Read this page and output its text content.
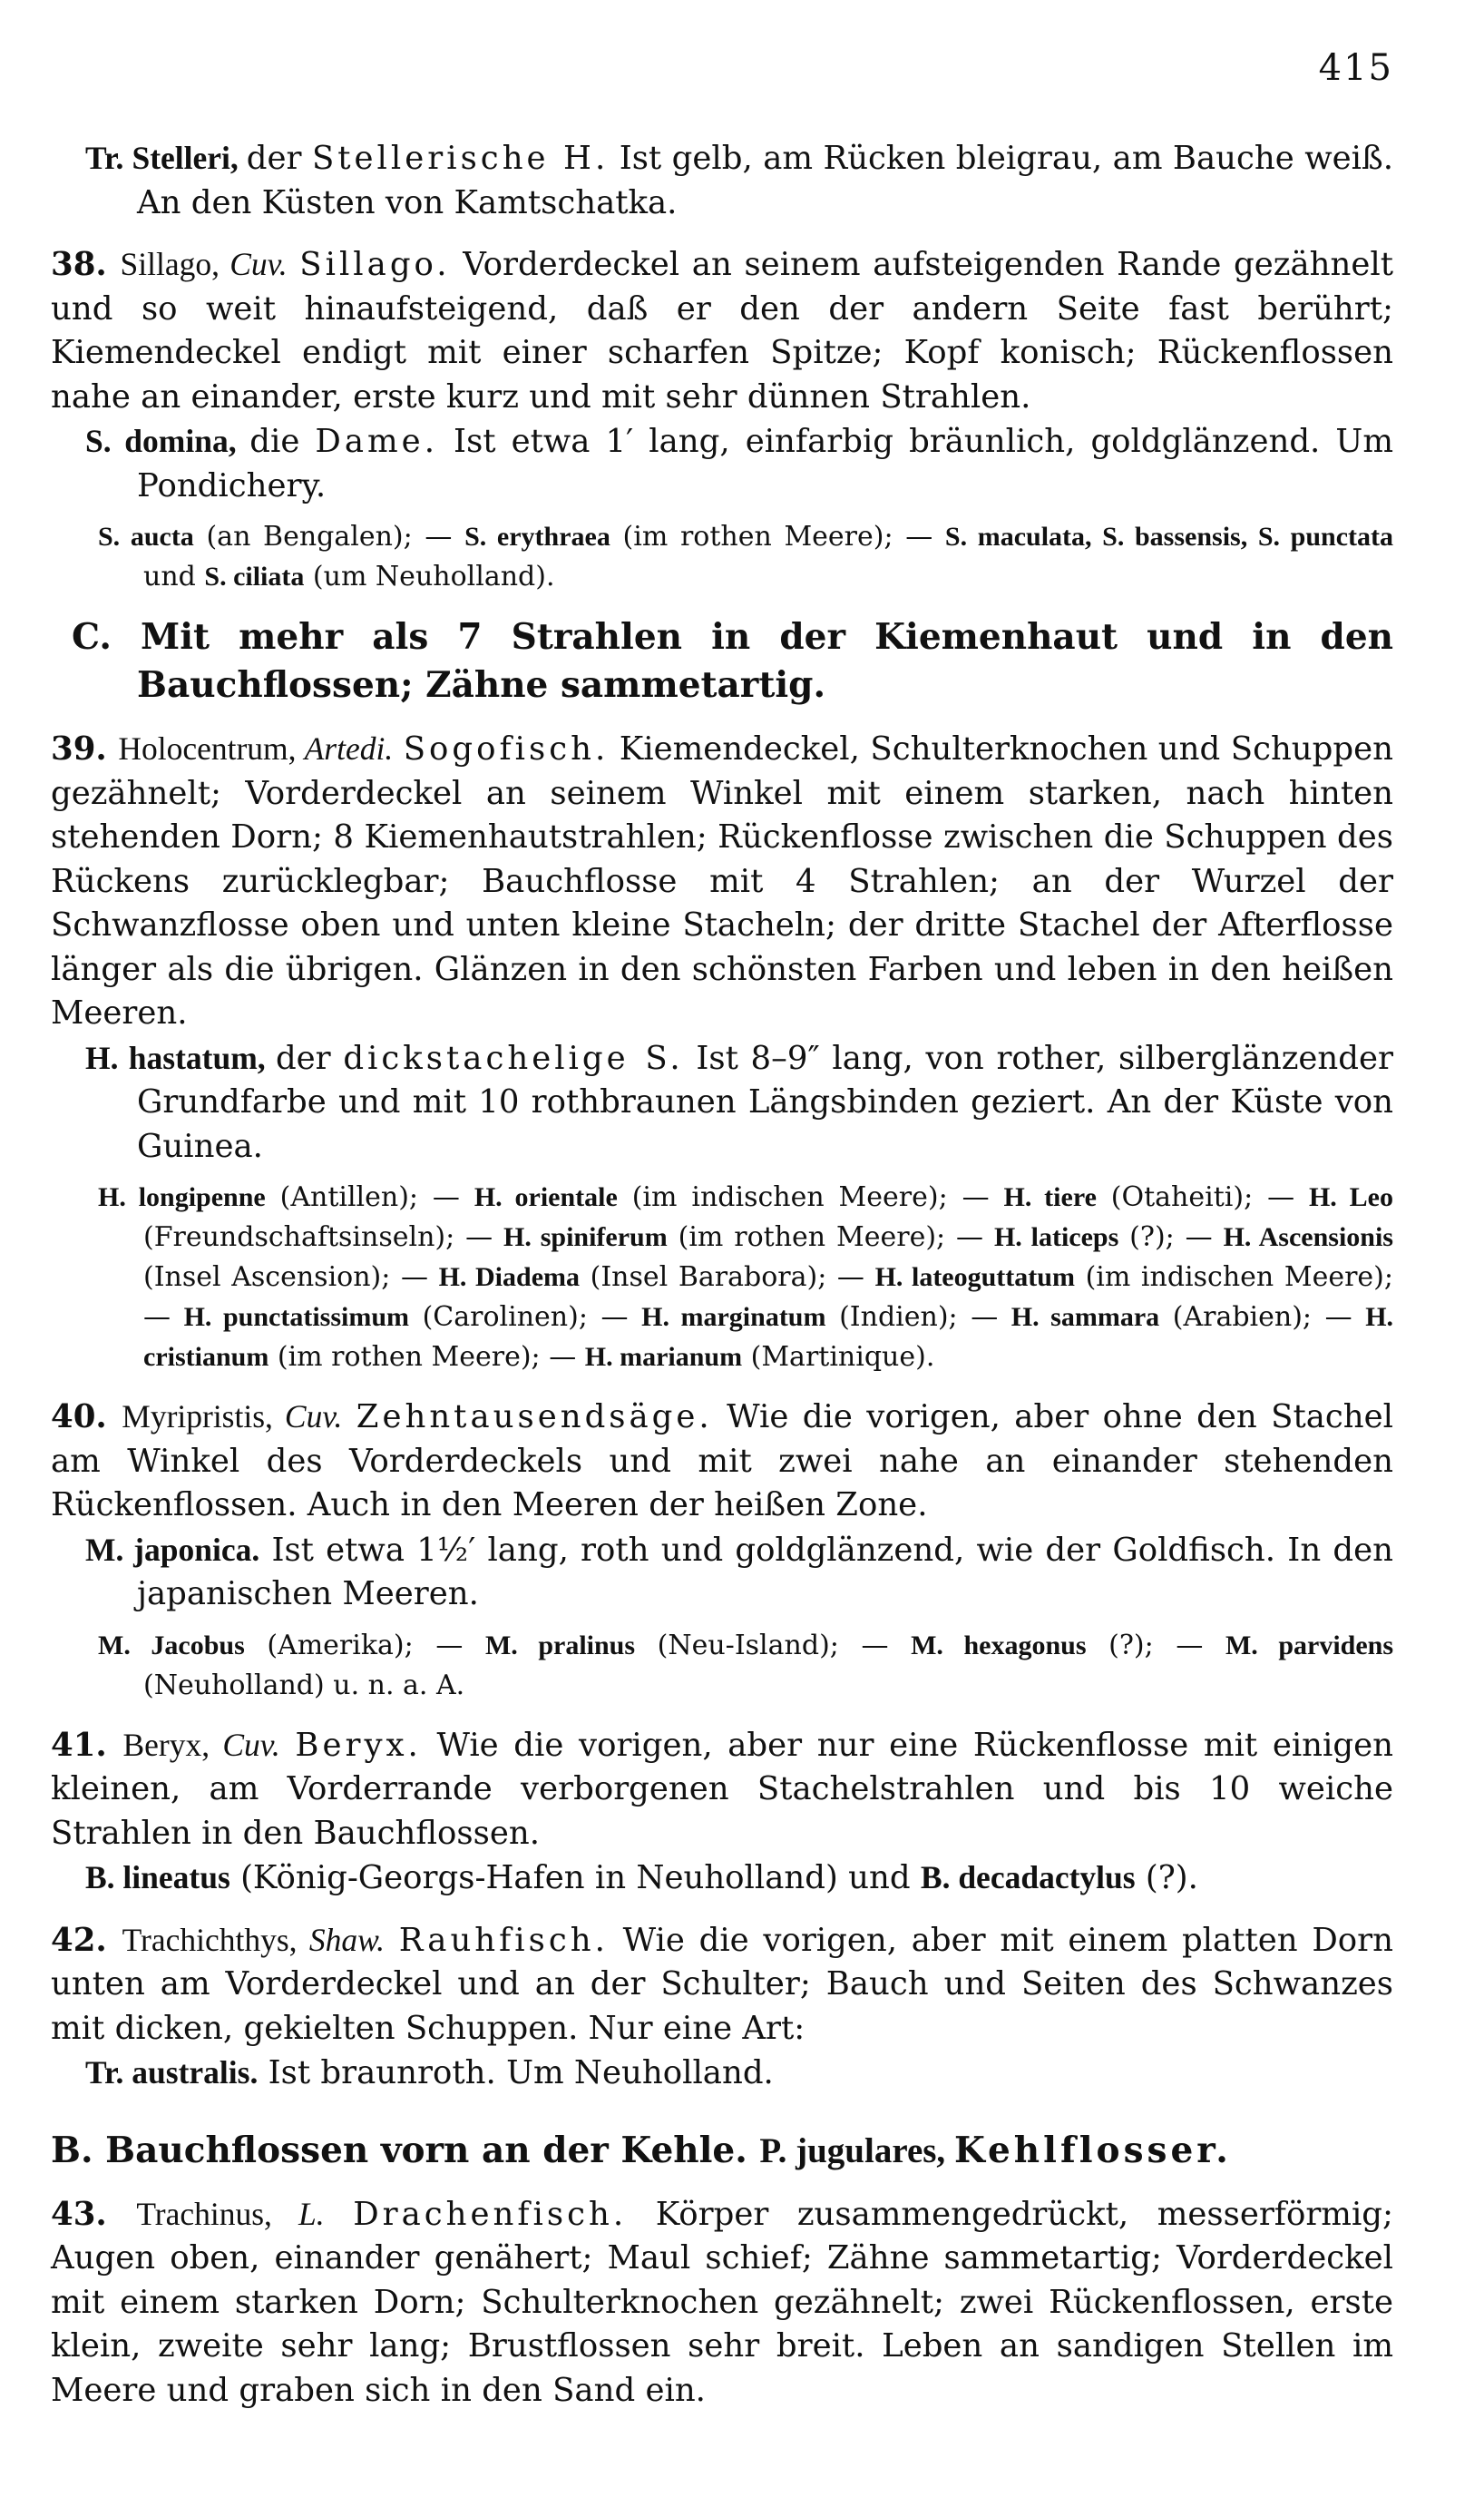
415

Tr. Stelleri, der Stellerische H. Ist gelb, am Rücken bleigrau, am Bauche weiß. An den Küsten von Kamtschatka.

38. Sillago, Cuv. Sillago. Vorderdeckel an seinem aufsteigenden Rande gezähnelt und so weit hinaufsteigend, daß er den der andern Seite fast berührt; Kiemendeckel endigt mit einer scharfen Spitze; Kopf konisch; Rückenflossen nahe an einander, erste kurz und mit sehr dünnen Strahlen.

S. domina, die Dame. Ist etwa 1′ lang, einfarbig bräunlich, goldglänzend. Um Pondichery.

S. aucta (an Bengalen); — S. erythraea (im rothen Meere); — S. maculata, S. bassensis, S. punctata und S. ciliata (um Neuholland).

C. Mit mehr als 7 Strahlen in der Kiemenhaut und in den Bauchflossen; Zähne sammetartig.

39. Holocentrum, Artedi. Sogofisch. Kiemendeckel, Schulterknochen und Schuppen gezähnelt; Vorderdeckel an seinem Winkel mit einem starken, nach hinten stehenden Dorn; 8 Kiemenhautstrahlen; Rückenflosse zwischen die Schuppen des Rückens zurücklegbar; Bauchflosse mit 4 Strahlen; an der Wurzel der Schwanzflosse oben und unten kleine Stacheln; der dritte Stachel der Afterflosse länger als die übrigen. Glänzen in den schönsten Farben und leben in den heißen Meeren.

H. hastatum, der dickstachelige S. Ist 8–9″ lang, von rother, silberglänzender Grundfarbe und mit 10 rothbraunen Längsbinden geziert. An der Küste von Guinea.

H. longipenne (Antillen); — H. orientale (im indischen Meere); — H. tiere (Otaheiti); — H. Leo (Freundschaftsinseln); — H. spiniferum (im rothen Meere); — H. laticeps (?); — H. Ascensionis (Insel Ascension); — H. Diadema (Insel Barabora); — H. lateoguttatum (im indischen Meere); — H. punctatissimum (Carolinen); — H. marginatum (Indien); — H. sammara (Arabien); — H. cristianum (im rothen Meere); — H. marianum (Martinique).

40. Myripristis, Cuv. Zehntausendsäge. Wie die vorigen, aber ohne den Stachel am Winkel des Vorderdeckels und mit zwei nahe an einander stehenden Rückenflossen. Auch in den Meeren der heißen Zone.

M. japonica. Ist etwa 1½′ lang, roth und goldglänzend, wie der Goldfisch. In den japanischen Meeren.

M. Jacobus (Amerika); — M. pralinus (Neu-Island); — M. hexagonus (?); — M. parvidens (Neuholland) u. n. a. A.

41. Beryx, Cuv. Beryx. Wie die vorigen, aber nur eine Rückenflosse mit einigen kleinen, am Vorderrande verborgenen Stachelstrahlen und bis 10 weiche Strahlen in den Bauchflossen.

B. lineatus (König-Georgs-Hafen in Neuholland) und B. decadactylus (?).

42. Trachichthys, Shaw. Rauhfisch. Wie die vorigen, aber mit einem platten Dorn unten am Vorderdeckel und an der Schulter; Bauch und Seiten des Schwanzes mit dicken, gekielten Schuppen. Nur eine Art:

Tr. australis. Ist braunroth. Um Neuholland.

B. Bauchflossen vorn an der Kehle. P. jugulares, Kehlflosser.

43. Trachinus, L. Drachenfisch. Körper zusammengedrückt, messerförmig; Augen oben, einander genähert; Maul schief; Zähne sammetartig; Vorderdeckel mit einem starken Dorn; Schulterknochen gezähnelt; zwei Rückenflossen, erste klein, zweite sehr lang; Brustflossen sehr breit. Leben an sandigen Stellen im Meere und graben sich in den Sand ein.
